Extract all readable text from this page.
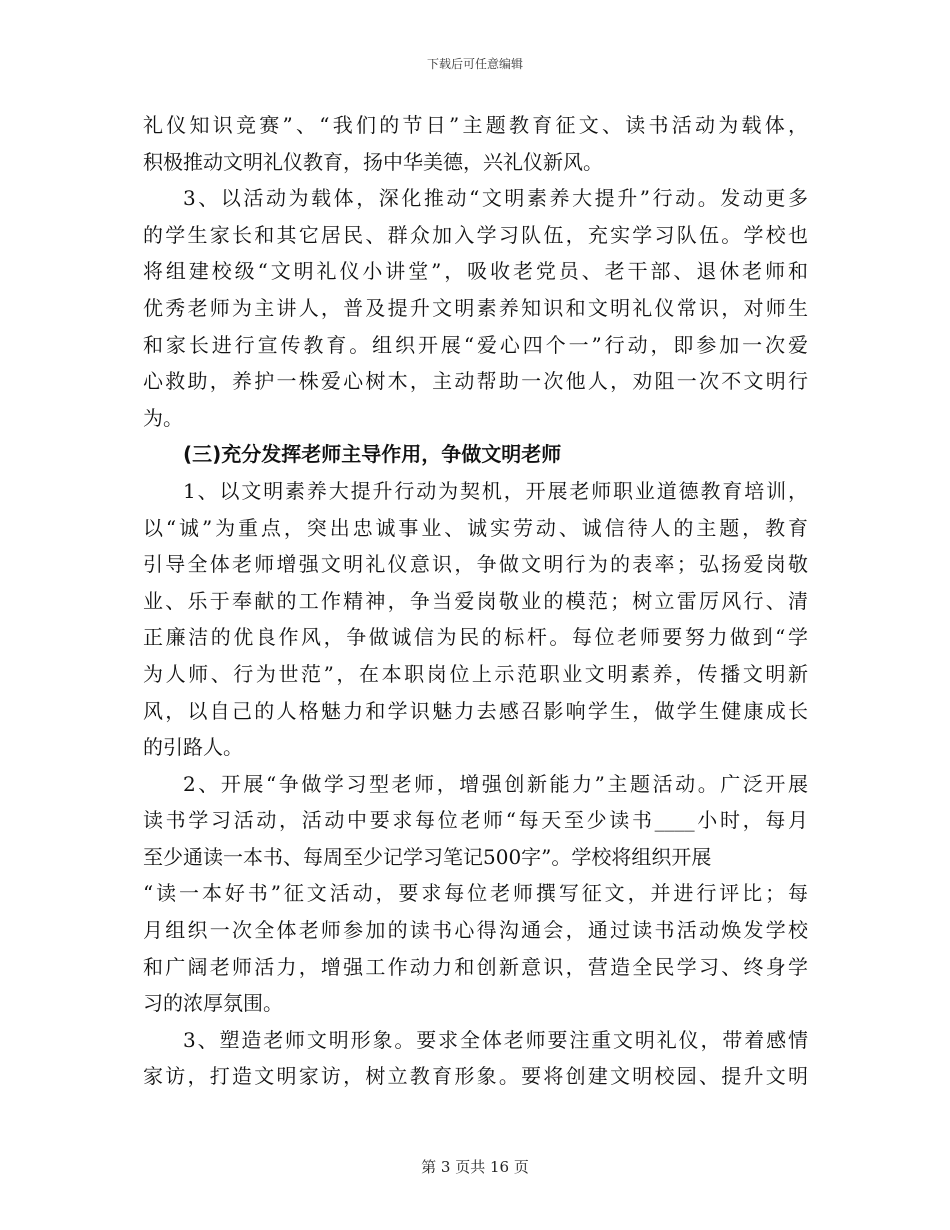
下载后可任意编辑
礼仪知识竞赛”、“我们的节日”主题教育征文、读书活动为载体，
积极推动文明礼仪教育，扬中华美德，兴礼仪新风。
3、以活动为载体，深化推动“文明素养大提升”行动。发动更多
的学生家长和其它居民、群众加入学习队伍，充实学习队伍。学校也
将组建校级“文明礼仪小讲堂”，吸收老党员、老干部、退休老师和
优秀老师为主讲人，普及提升文明素养知识和文明礼仪常识，对师生
和家长进行宣传教育。组织开展“爱心四个一”行动，即参加一次爱
心救助，养护一株爱心树木，主动帮助一次他人，劝阻一次不文明行
为。
(三)充分发挥老师主导作用，争做文明老师
1、以文明素养大提升行动为契机，开展老师职业道德教育培训，
以“诚”为重点，突出忠诚事业、诚实劳动、诚信待人的主题，教育
引导全体老师增强文明礼仪意识，争做文明行为的表率；弘扬爱岗敬
业、乐于奉献的工作精神，争当爱岗敬业的模范；树立雷厉风行、清
正廉洁的优良作风，争做诚信为民的标杆。每位老师要努力做到“学
为人师、行为世范”，在本职岗位上示范职业文明素养，传播文明新
风，以自己的人格魅力和学识魅力去感召影响学生，做学生健康成长
的引路人。
2、开展“争做学习型老师，增强创新能力”主题活动。广泛开展
读书学习活动，活动中要求每位老师“每天至少读书____小时，每月
至少通读一本书、每周至少记学习笔记500字”。学校将组织开展
“读一本好书”征文活动，要求每位老师撰写征文，并进行评比；每
月组织一次全体老师参加的读书心得沟通会，通过读书活动焕发学校
和广阔老师活力，增强工作动力和创新意识，营造全民学习、终身学
习的浓厚氛围。
3、塑造老师文明形象。要求全体老师要注重文明礼仪，带着感情
家访，打造文明家访，树立教育形象。要将创建文明校园、提升文明
第 3 页共 16 页
